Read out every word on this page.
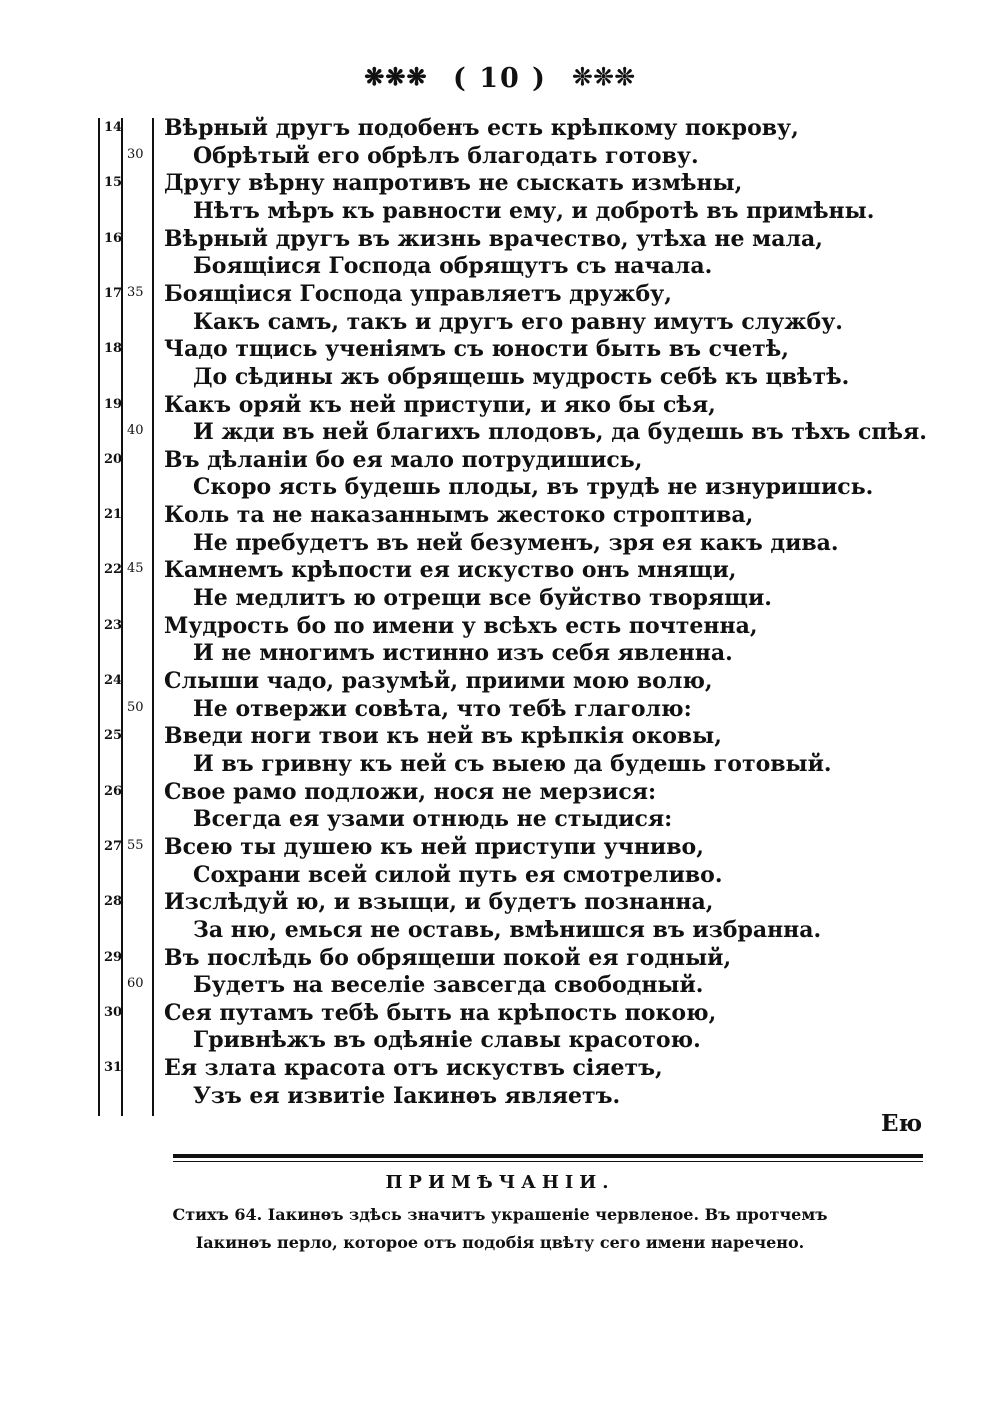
❋❋❋ ( 10 ) ❊❊❊
14 Вѣрный другъ подобенъ есть крѣпкому покрову,
30 Обрѣтый его обрѣлъ благодать готову.
15 Другу вѣрну напротивъ не сыскать измѣны,
Нѣтъ мѣръ къ равности ему, и добротѣ въ примѣны.
16 Вѣрный другъ въ жизнь врачество, утѣха не мала,
Боящіися Господа обрящутъ съ начала.
17 35 Боящіися Господа управляетъ дружбу,
Какъ самъ, такъ и другъ его равну имутъ службу.
18 Чадо тщись ученіямъ съ юности быть въ счетѣ,
До сѣдины жъ обрящешь мудрость себѣ къ цвѣтѣ.
19 Какъ оряй къ ней приступи, и яко бы сѣя,
40 И жди въ ней благихъ плодовъ, да будешь въ тѣхъ спѣя.
20 Въ дѣланіи бо ея мало потрудишись,
Скоро ясть будешь плоды, въ трудѣ не изнуришись.
21 Коль та не наказаннымъ жестоко строптива,
Не пребудетъ въ ней безуменъ, зря ея какъ дива.
22 45 Камнемъ крѣпости ея искуство онъ мнящи,
Не медлитъ ю отрещи все буйство творящи.
23 Мудрость бо по имени у всѣхъ есть почтенна,
И не многимъ истинно изъ себя явленна.
24 Слыши чадо, разумѣй, приими мою волю,
50 Не отвержи совѣта, что тебѣ глаголю:
25 Введи ноги твои къ ней въ крѣпкія оковы,
И въ гривну къ ней съ выею да будешь готовый.
26 Свое рамо подложи, нося не мерзися:
Всегда ея узами отнюдь не стыдися:
27 55 Всею ты душею къ ней приступи учниво,
Сохрани всей силой путь ея смотреливо.
28 Изслѣдуй ю, и взыщи, и будетъ познанна,
За ню, емься не оставь, вмѣнишся въ избранна.
29 Въ послѣдь бо обрящеши покой ея годный,
60 Будетъ на веселіе завсегда свободный.
30 Сея путамъ тебѣ быть на крѣпость покою,
Гривнѣжъ въ одѣяніе славы красотою.
31 Ея злата красота отъ искуствъ сіяетъ,
Узъ ея извитіе Іакинѳъ являетъ.
Ею
ПРИМѢЧАНІИ.
Стихъ 64. Іакинѳъ здѣсь значитъ украшеніе червленое. Въ протчемъ
Іакинѳъ перло, которое отъ подобія цвѣту сего имени наречено.
